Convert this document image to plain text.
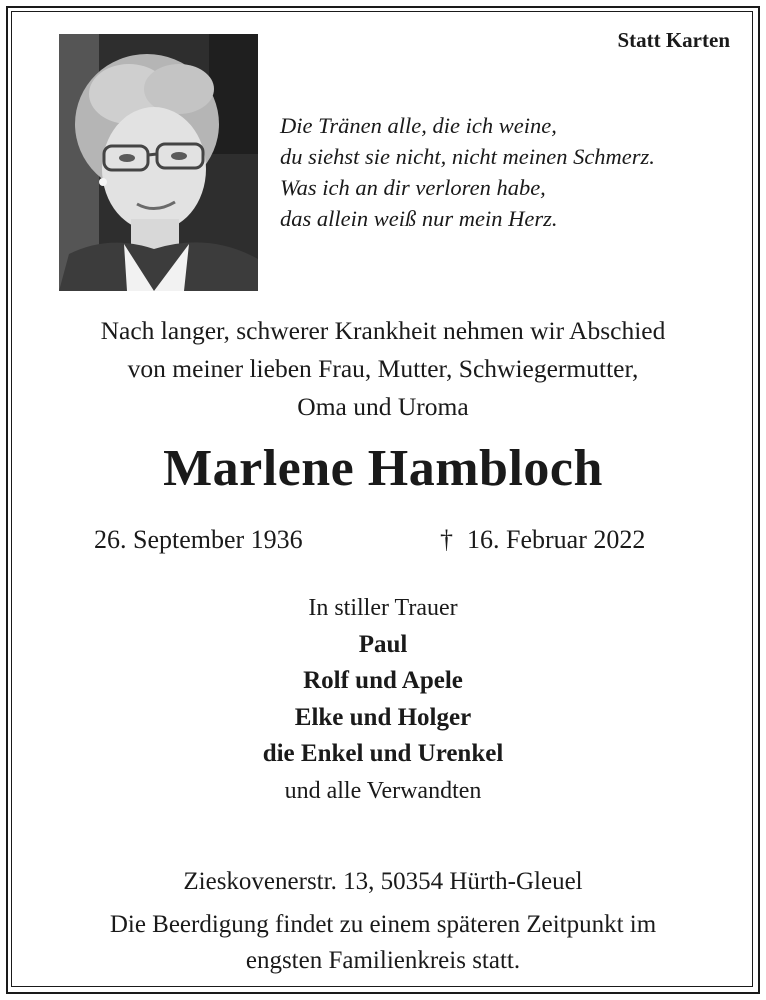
Statt Karten
Die Tränen alle, die ich weine,
du siehst sie nicht, nicht meinen Schmerz.
Was ich an dir verloren habe,
das allein weiß nur mein Herz.
Nach langer, schwerer Krankheit nehmen wir Abschied
von meiner lieben Frau, Mutter, Schwiegermutter,
Oma und Uroma
Marlene Hambloch
26. September 1936	† 16. Februar 2022
In stiller Trauer
Paul
Rolf und Apele
Elke und Holger
die Enkel und Urenkel
und alle Verwandten
Zieskovenerstr. 13, 50354 Hürth-Gleuel
Die Beerdigung findet zu einem späteren Zeitpunkt im
engsten Familienkreis statt.
